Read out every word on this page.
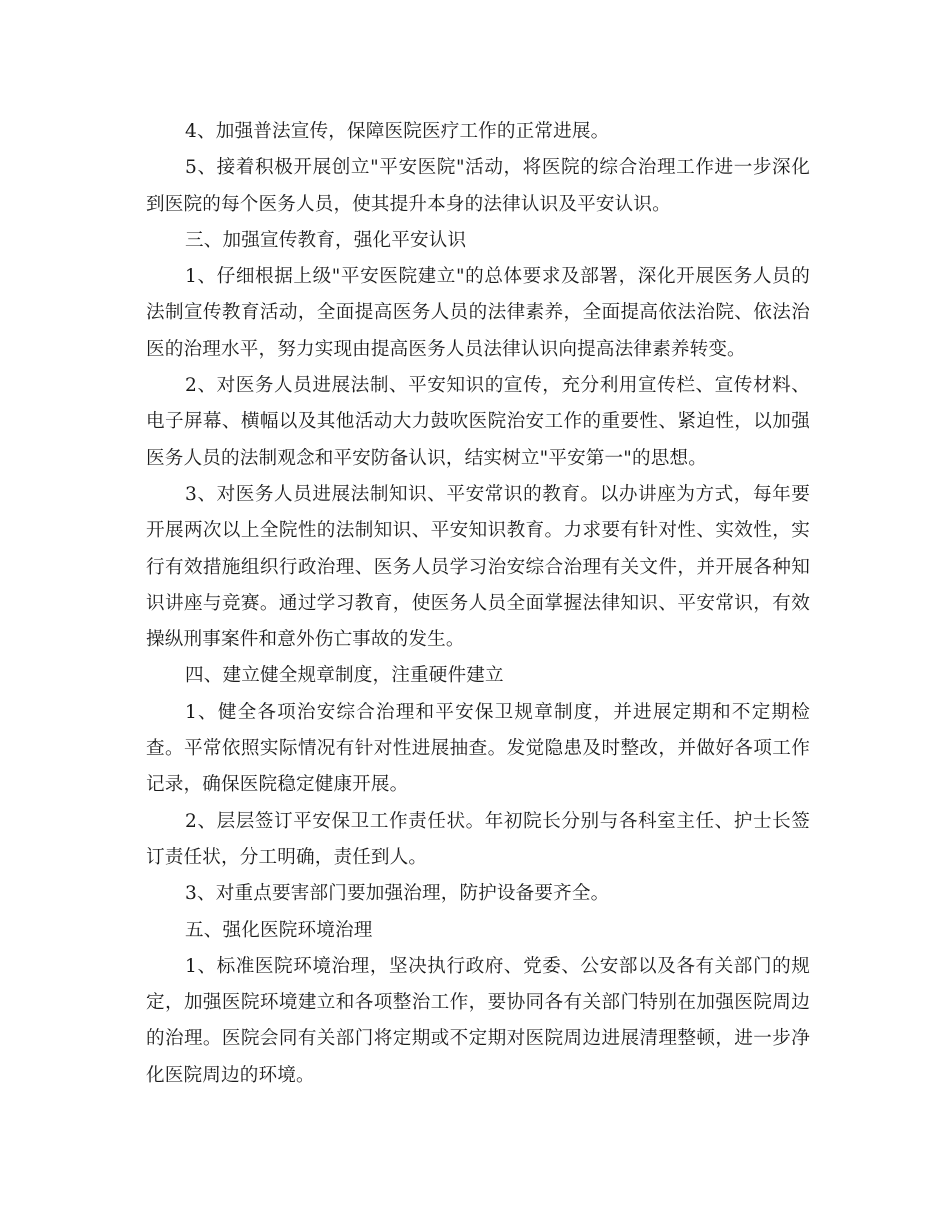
4、加强普法宣传，保障医院医疗工作的正常进展。

5、接着积极开展创立"平安医院"活动，将医院的综合治理工作进一步深化到医院的每个医务人员，使其提升本身的法律认识及平安认识。

三、加强宣传教育，强化平安认识

1、仔细根据上级"平安医院建立"的总体要求及部署，深化开展医务人员的法制宣传教育活动，全面提高医务人员的法律素养，全面提高依法治院、依法治医的治理水平，努力实现由提高医务人员法律认识向提高法律素养转变。

2、对医务人员进展法制、平安知识的宣传，充分利用宣传栏、宣传材料、电子屏幕、横幅以及其他活动大力鼓吹医院治安工作的重要性、紧迫性，以加强医务人员的法制观念和平安防备认识，结实树立"平安第一"的思想。

3、对医务人员进展法制知识、平安常识的教育。以办讲座为方式，每年要开展两次以上全院性的法制知识、平安知识教育。力求要有针对性、实效性，实行有效措施组织行政治理、医务人员学习治安综合治理有关文件，并开展各种知识讲座与竞赛。通过学习教育，使医务人员全面掌握法律知识、平安常识，有效操纵刑事案件和意外伤亡事故的发生。

四、建立健全规章制度，注重硬件建立

1、健全各项治安综合治理和平安保卫规章制度，并进展定期和不定期检查。平常依照实际情况有针对性进展抽查。发觉隐患及时整改，并做好各项工作记录，确保医院稳定健康开展。

2、层层签订平安保卫工作责任状。年初院长分别与各科室主任、护士长签订责任状，分工明确，责任到人。

3、对重点要害部门要加强治理，防护设备要齐全。

五、强化医院环境治理

1、标准医院环境治理，坚决执行政府、党委、公安部以及各有关部门的规定，加强医院环境建立和各项整治工作，要协同各有关部门特别在加强医院周边的治理。医院会同有关部门将定期或不定期对医院周边进展清理整顿，进一步净化医院周边的环境。
